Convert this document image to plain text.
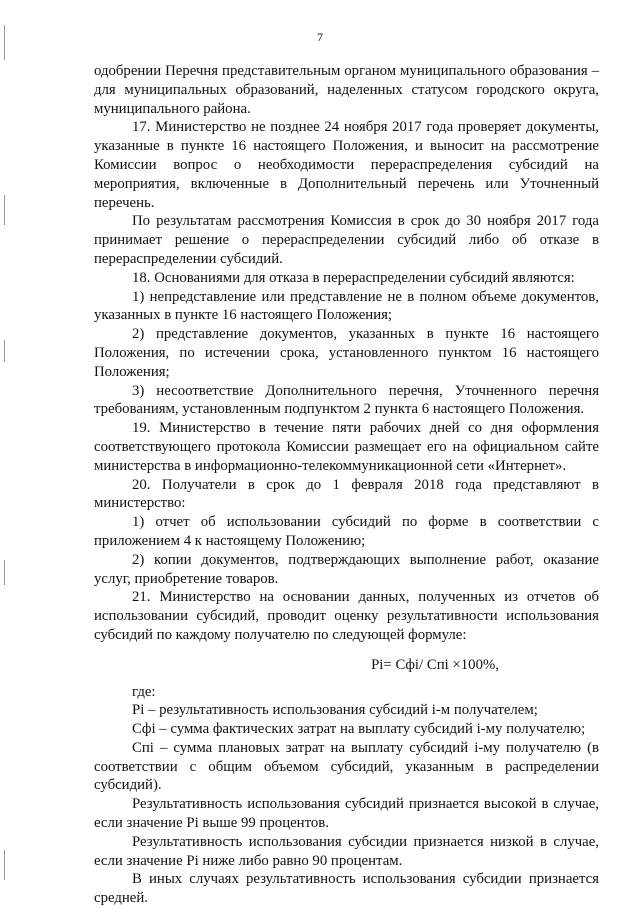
7

одобрении Перечня представительным органом муниципального образования – для муниципальных образований, наделенных статусом городского округа, муниципального района.

17. Министерство не позднее 24 ноября 2017 года проверяет документы, указанные в пункте 16 настоящего Положения, и выносит на рассмотрение Комиссии вопрос о необходимости перераспределения субсидий на мероприятия, включенные в Дополнительный перечень или Уточненный перечень.

По результатам рассмотрения Комиссия в срок до 30 ноября 2017 года принимает решение о перераспределении субсидий либо об отказе в перераспределении субсидий.

18. Основаниями для отказа в перераспределении субсидий являются:

1) непредставление или представление не в полном объеме документов, указанных в пункте 16 настоящего Положения;

2) представление документов, указанных в пункте 16 настоящего Положения, по истечении срока, установленного пунктом 16 настоящего Положения;

3) несоответствие Дополнительного перечня, Уточненного перечня требованиям, установленным подпунктом 2 пункта 6 настоящего Положения.

19. Министерство в течение пяти рабочих дней со дня оформления соответствующего протокола Комиссии размещает его на официальном сайте министерства в информационно-телекоммуникационной сети «Интернет».

20. Получатели в срок до 1 февраля 2018 года представляют в министерство:

1) отчет об использовании субсидий по форме в соответствии с приложением 4 к настоящему Положению;

2) копии документов, подтверждающих выполнение работ, оказание услуг, приобретение товаров.

21. Министерство на основании данных, полученных из отчетов об использовании субсидий, проводит оценку результативности использования субсидий по каждому получателю по следующей формуле:

Pi= Сфi/ Спi ×100%,

где:

Pi – результативность использования субсидий i-м получателем;

Сфi – сумма фактических затрат на выплату субсидий i-му получателю;

Спi – сумма плановых затрат на выплату субсидий i-му получателю (в соответствии с общим объемом субсидий, указанным в распределении субсидий).

Результативность использования субсидий признается высокой в случае, если значение Pi выше 99 процентов.

Результативность использования субсидии признается низкой в случае, если значение Pi ниже либо равно 90 процентам.

В иных случаях результативность использования субсидии признается средней.
